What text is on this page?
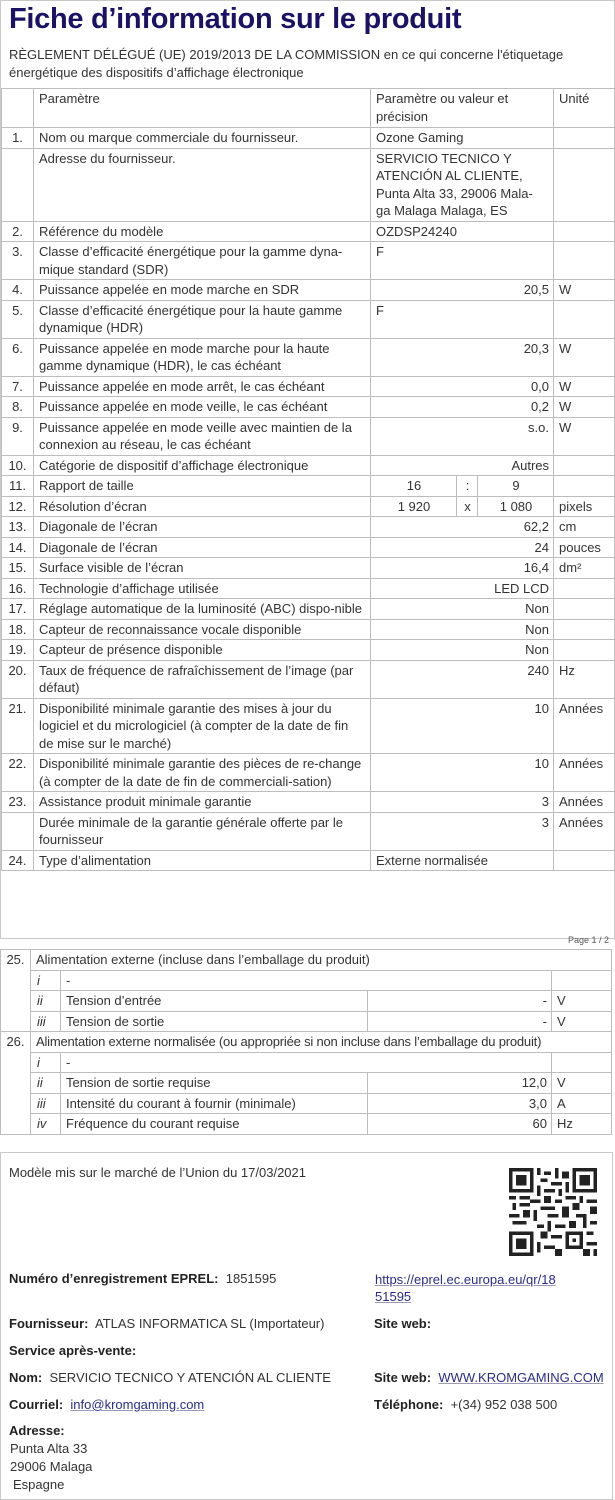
Fiche d’information sur le produit
RÈGLEMENT DÉLÉGUÉ (UE) 2019/2013 DE LA COMMISSION en ce qui concerne l'étiquetage énergétique des dispositifs d’affichage électronique
	Paramètre	Paramètre ou valeur et précision			Unité
1.	Nom ou marque commerciale du fournisseur.	Ozone Gaming			
	Adresse du fournisseur.	SERVICIO TECNICO Y ATENCIÓN AL CLIENTE, Punta Alta 33, 29006 Mala-ga Malaga Malaga, ES			
2.	Référence du modèle	OZDSP24240			
3.	Classe d’efficacité énergétique pour la gamme dyna-mique standard (SDR)	F			
4.	Puissance appelée en mode marche en SDR	20,5			W
5.	Classe d’efficacité énergétique pour la haute gamme dynamique (HDR)	F			
6.	Puissance appelée en mode marche pour la haute gamme dynamique (HDR), le cas échéant	20,3			W
7.	Puissance appelée en mode arrêt, le cas échéant	0,0			W
8.	Puissance appelée en mode veille, le cas échéant	0,2			W
9.	Puissance appelée en mode veille avec maintien de la connexion au réseau, le cas échéant	s.o.			W
10.	Catégorie de dispositif d’affichage électronique	Autres			
11.	Rapport de taille	16	:	9	
12.	Résolution d’écran	1 920	x	1 080	pixels
13.	Diagonale de l’écran	62,2			cm
14.	Diagonale de l’écran	24			pouces
15.	Surface visible de l’écran	16,4			dm²
16.	Technologie d’affichage utilisée	LED LCD			
17.	Réglage automatique de la luminosité (ABC) dispo-nible	Non			
18.	Capteur de reconnaissance vocale disponible	Non			
19.	Capteur de présence disponible	Non			
20.	Taux de fréquence de rafraîchissement de l’image (par défaut)	240			Hz
21.	Disponibilité minimale garantie des mises à jour du logiciel et du micrologiciel (à compter de la date de fin de mise sur le marché)	10			Années
22.	Disponibilité minimale garantie des pièces de re-change (à compter de la date de fin de commerciali-sation)	10			Années
23.	Assistance produit minimale garantie	3			Années
	Durée minimale de la garantie générale offerte par le fournisseur	3			Années
24.	Type d’alimentation	Externe normalisée			
Page 1 / 2
25.	Alimentation externe (incluse dans l’emballage du produit)			
	i	-		
	ii	Tension d’entrée	-	V
	iii	Tension de sortie	-	V
26.	Alimentation externe normalisée (ou appropriée si non incluse dans l’emballage du produit)			
	i	-		
	ii	Tension de sortie requise	12,0	V
	iii	Intensité du courant à fournir (minimale)	3,0	A
	iv	Fréquence du courant requise	60	Hz
Modèle mis sur le marché de l’Union du 17/03/2021
Numéro d’enregistrement EPREL: 1851595	https://eprel.ec.europa.eu/qr/18
51595
Fournisseur: ATLAS INFORMATICA SL (Importateur)	Site web:
Service après-vente:
Nom: SERVICIO TECNICO Y ATENCIÓN AL CLIENTE	Site web: WWW.KROMGAMING.COM
Courriel: info@kromgaming.com	Téléphone: +(34) 952 038 500
Adresse:
Punta Alta 33
29006 Malaga
Espagne
